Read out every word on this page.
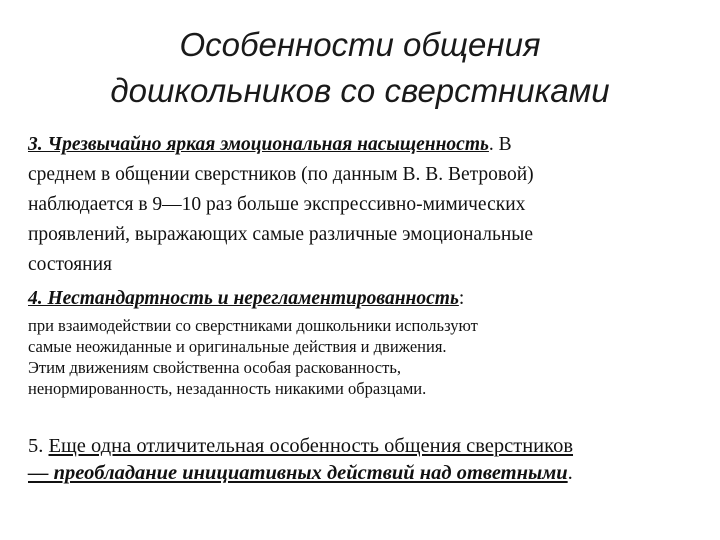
Особенности общения
дошкольников со сверстниками
3. Чрезвычайно яркая эмоциональная насыщенность. В
среднем в общении сверстников (по данным В. В. Ветровой)
наблюдается в 9—10 раз больше экспрессивно-мимических
проявлений, выражающих самые различные эмоциональные
состояния
4. Нестандартность и нерегламентированность:
при взаимодействии со сверстниками дошкольники используют
самые неожиданные и оригинальные действия и движения.
Этим движениям свойственна особая раскованность,
ненормированность, незаданность никакими образцами.
5. Еще одна отличительная особенность общения сверстников
— преобладание инициативных действий над ответными.
